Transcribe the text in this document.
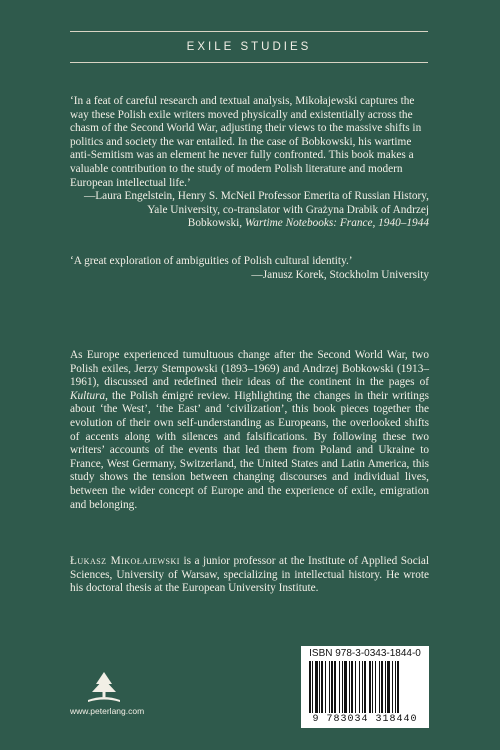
EXILE STUDIES
‘In a feat of careful research and textual analysis, Mikołajewski captures the way these Polish exile writers moved physically and existentially across the chasm of the Second World War, adjusting their views to the massive shifts in politics and society the war entailed. In the case of Bobkowski, his wartime anti-Semitism was an element he never fully confronted. This book makes a valuable contribution to the study of modern Polish literature and modern European intellectual life.’
—Laura Engelstein, Henry S. McNeil Professor Emerita of Russian History,
Yale University, co-translator with Grażyna Drabik of Andrzej
Bobkowski, Wartime Notebooks: France, 1940–1944
‘A great exploration of ambiguities of Polish cultural identity.’
—Janusz Korek, Stockholm University
As Europe experienced tumultuous change after the Second World War, two Polish exiles, Jerzy Stempowski (1893–1969) and Andrzej Bobkowski (1913–1961), discussed and redefined their ideas of the continent in the pages of Kultura, the Polish émigré review. Highlighting the changes in their writings about ‘the West’, ‘the East’ and ‘civilization’, this book pieces together the evolution of their own self-understanding as Europeans, the overlooked shifts of accents along with silences and falsifications. By following these two writers’ accounts of the events that led them from Poland and Ukraine to France, West Germany, Switzerland, the United States and Latin America, this study shows the tension between changing discourses and individual lives, between the wider concept of Europe and the experience of exile, emigration and belonging.
Łukasz Mikołajewski is a junior professor at the Institute of Applied Social Sciences, University of Warsaw, specializing in intellectual history. He wrote his doctoral thesis at the European University Institute.
www.peterlang.com
ISBN 978-3-0343-1844-0
9 783034 318440
